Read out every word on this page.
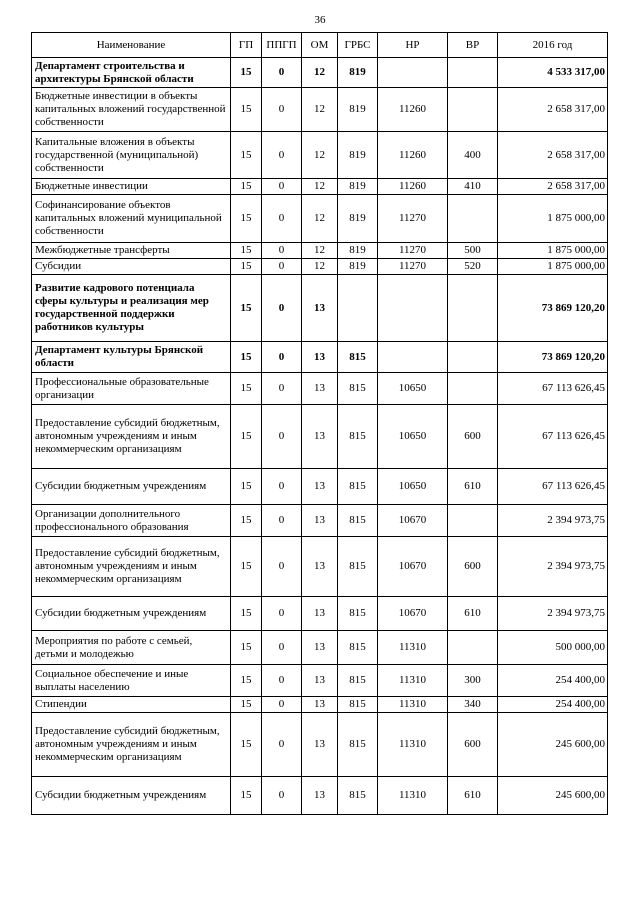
36
Наименование	ГП	ППГП	ОМ	ГРБС	НР	ВР	2016 год
Департамент строительства и архитектуры Брянской области	15	0	12	819			4 533 317,00
Бюджетные инвестиции в объекты капитальных вложений государственной собственности	15	0	12	819	11260		2 658 317,00
Капитальные вложения в объекты государственной (муниципальной) собственности	15	0	12	819	11260	400	2 658 317,00
Бюджетные инвестиции	15	0	12	819	11260	410	2 658 317,00
Софинансирование объектов капитальных вложений муниципальной собственности	15	0	12	819	11270		1 875 000,00
Межбюджетные трансферты	15	0	12	819	11270	500	1 875 000,00
Субсидии	15	0	12	819	11270	520	1 875 000,00
Развитие кадрового потенциала сферы культуры и реализация мер государственной поддержки работников культуры	15	0	13				73 869 120,20
Департамент культуры Брянской области	15	0	13	815			73 869 120,20
Профессиональные образовательные организации	15	0	13	815	10650		67 113 626,45
Предоставление субсидий бюджетным, автономным учреждениям и иным некоммерческим организациям	15	0	13	815	10650	600	67 113 626,45
Субсидии бюджетным учреждениям	15	0	13	815	10650	610	67 113 626,45
Организации дополнительного профессионального образования	15	0	13	815	10670		2 394 973,75
Предоставление субсидий бюджетным, автономным учреждениям и иным некоммерческим организациям	15	0	13	815	10670	600	2 394 973,75
Субсидии бюджетным учреждениям	15	0	13	815	10670	610	2 394 973,75
Мероприятия по работе с семьей, детьми и молодежью	15	0	13	815	11310		500 000,00
Социальное обеспечение и иные выплаты населению	15	0	13	815	11310	300	254 400,00
Стипендии	15	0	13	815	11310	340	254 400,00
Предоставление субсидий бюджетным, автономным учреждениям и иным некоммерческим организациям	15	0	13	815	11310	600	245 600,00
Субсидии бюджетным учреждениям	15	0	13	815	11310	610	245 600,00
